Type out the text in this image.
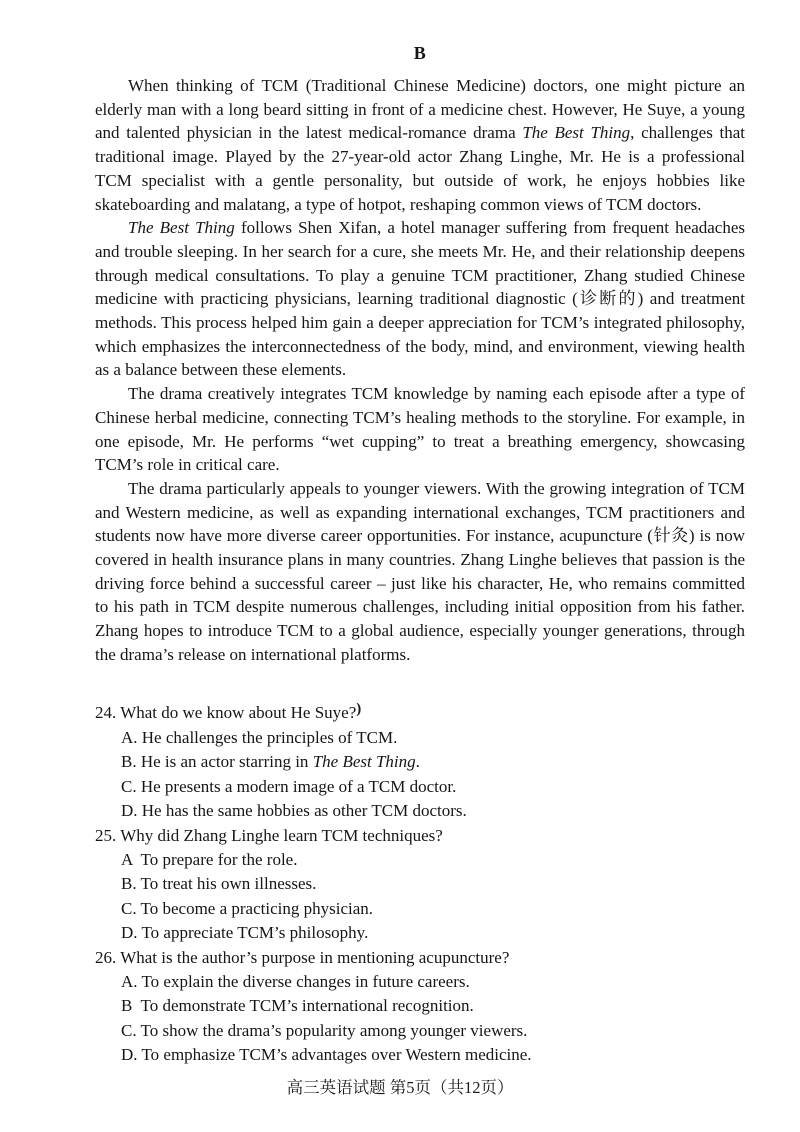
B

When thinking of TCM (Traditional Chinese Medicine) doctors, one might picture an elderly man with a long beard sitting in front of a medicine chest. However, He Suye, a young and talented physician in the latest medical-romance drama The Best Thing, challenges that traditional image. Played by the 27-year-old actor Zhang Linghe, Mr. He is a professional TCM specialist with a gentle personality, but outside of work, he enjoys hobbies like skateboarding and malatang, a type of hotpot, reshaping common views of TCM doctors.

The Best Thing follows Shen Xifan, a hotel manager suffering from frequent headaches and trouble sleeping. In her search for a cure, she meets Mr. He, and their relationship deepens through medical consultations. To play a genuine TCM practitioner, Zhang studied Chinese medicine with practicing physicians, learning traditional diagnostic (诊断的) and treatment methods. This process helped him gain a deeper appreciation for TCM’s integrated philosophy, which emphasizes the interconnectedness of the body, mind, and environment, viewing health as a balance between these elements.

The drama creatively integrates TCM knowledge by naming each episode after a type of Chinese herbal medicine, connecting TCM’s healing methods to the storyline. For example, in one episode, Mr. He performs “wet cupping” to treat a breathing emergency, showcasing TCM’s role in critical care.

The drama particularly appeals to younger viewers. With the growing integration of TCM and Western medicine, as well as expanding international exchanges, TCM practitioners and students now have more diverse career opportunities. For instance, acupuncture (针灸) is now covered in health insurance plans in many countries. Zhang Linghe believes that passion is the driving force behind a successful career – just like his character, He, who remains committed to his path in TCM despite numerous challenges, including initial opposition from his father. Zhang hopes to introduce TCM to a global audience, especially younger generations, through the drama’s release on international platforms.

24. What do we know about He Suye?)
A. He challenges the principles of TCM.
B. He is an actor starring in The Best Thing.
C. He presents a modern image of a TCM doctor.
D. He has the same hobbies as other TCM doctors.
25. Why did Zhang Linghe learn TCM techniques?
A  To prepare for the role.
B. To treat his own illnesses.
C. To become a practicing physician.
D. To appreciate TCM’s philosophy.
26. What is the author’s purpose in mentioning acupuncture?
A. To explain the diverse changes in future careers.
B  To demonstrate TCM’s international recognition.
C. To show the drama’s popularity among younger viewers.
D. To emphasize TCM’s advantages over Western medicine.
高三英语试题 第5页（共12页）
